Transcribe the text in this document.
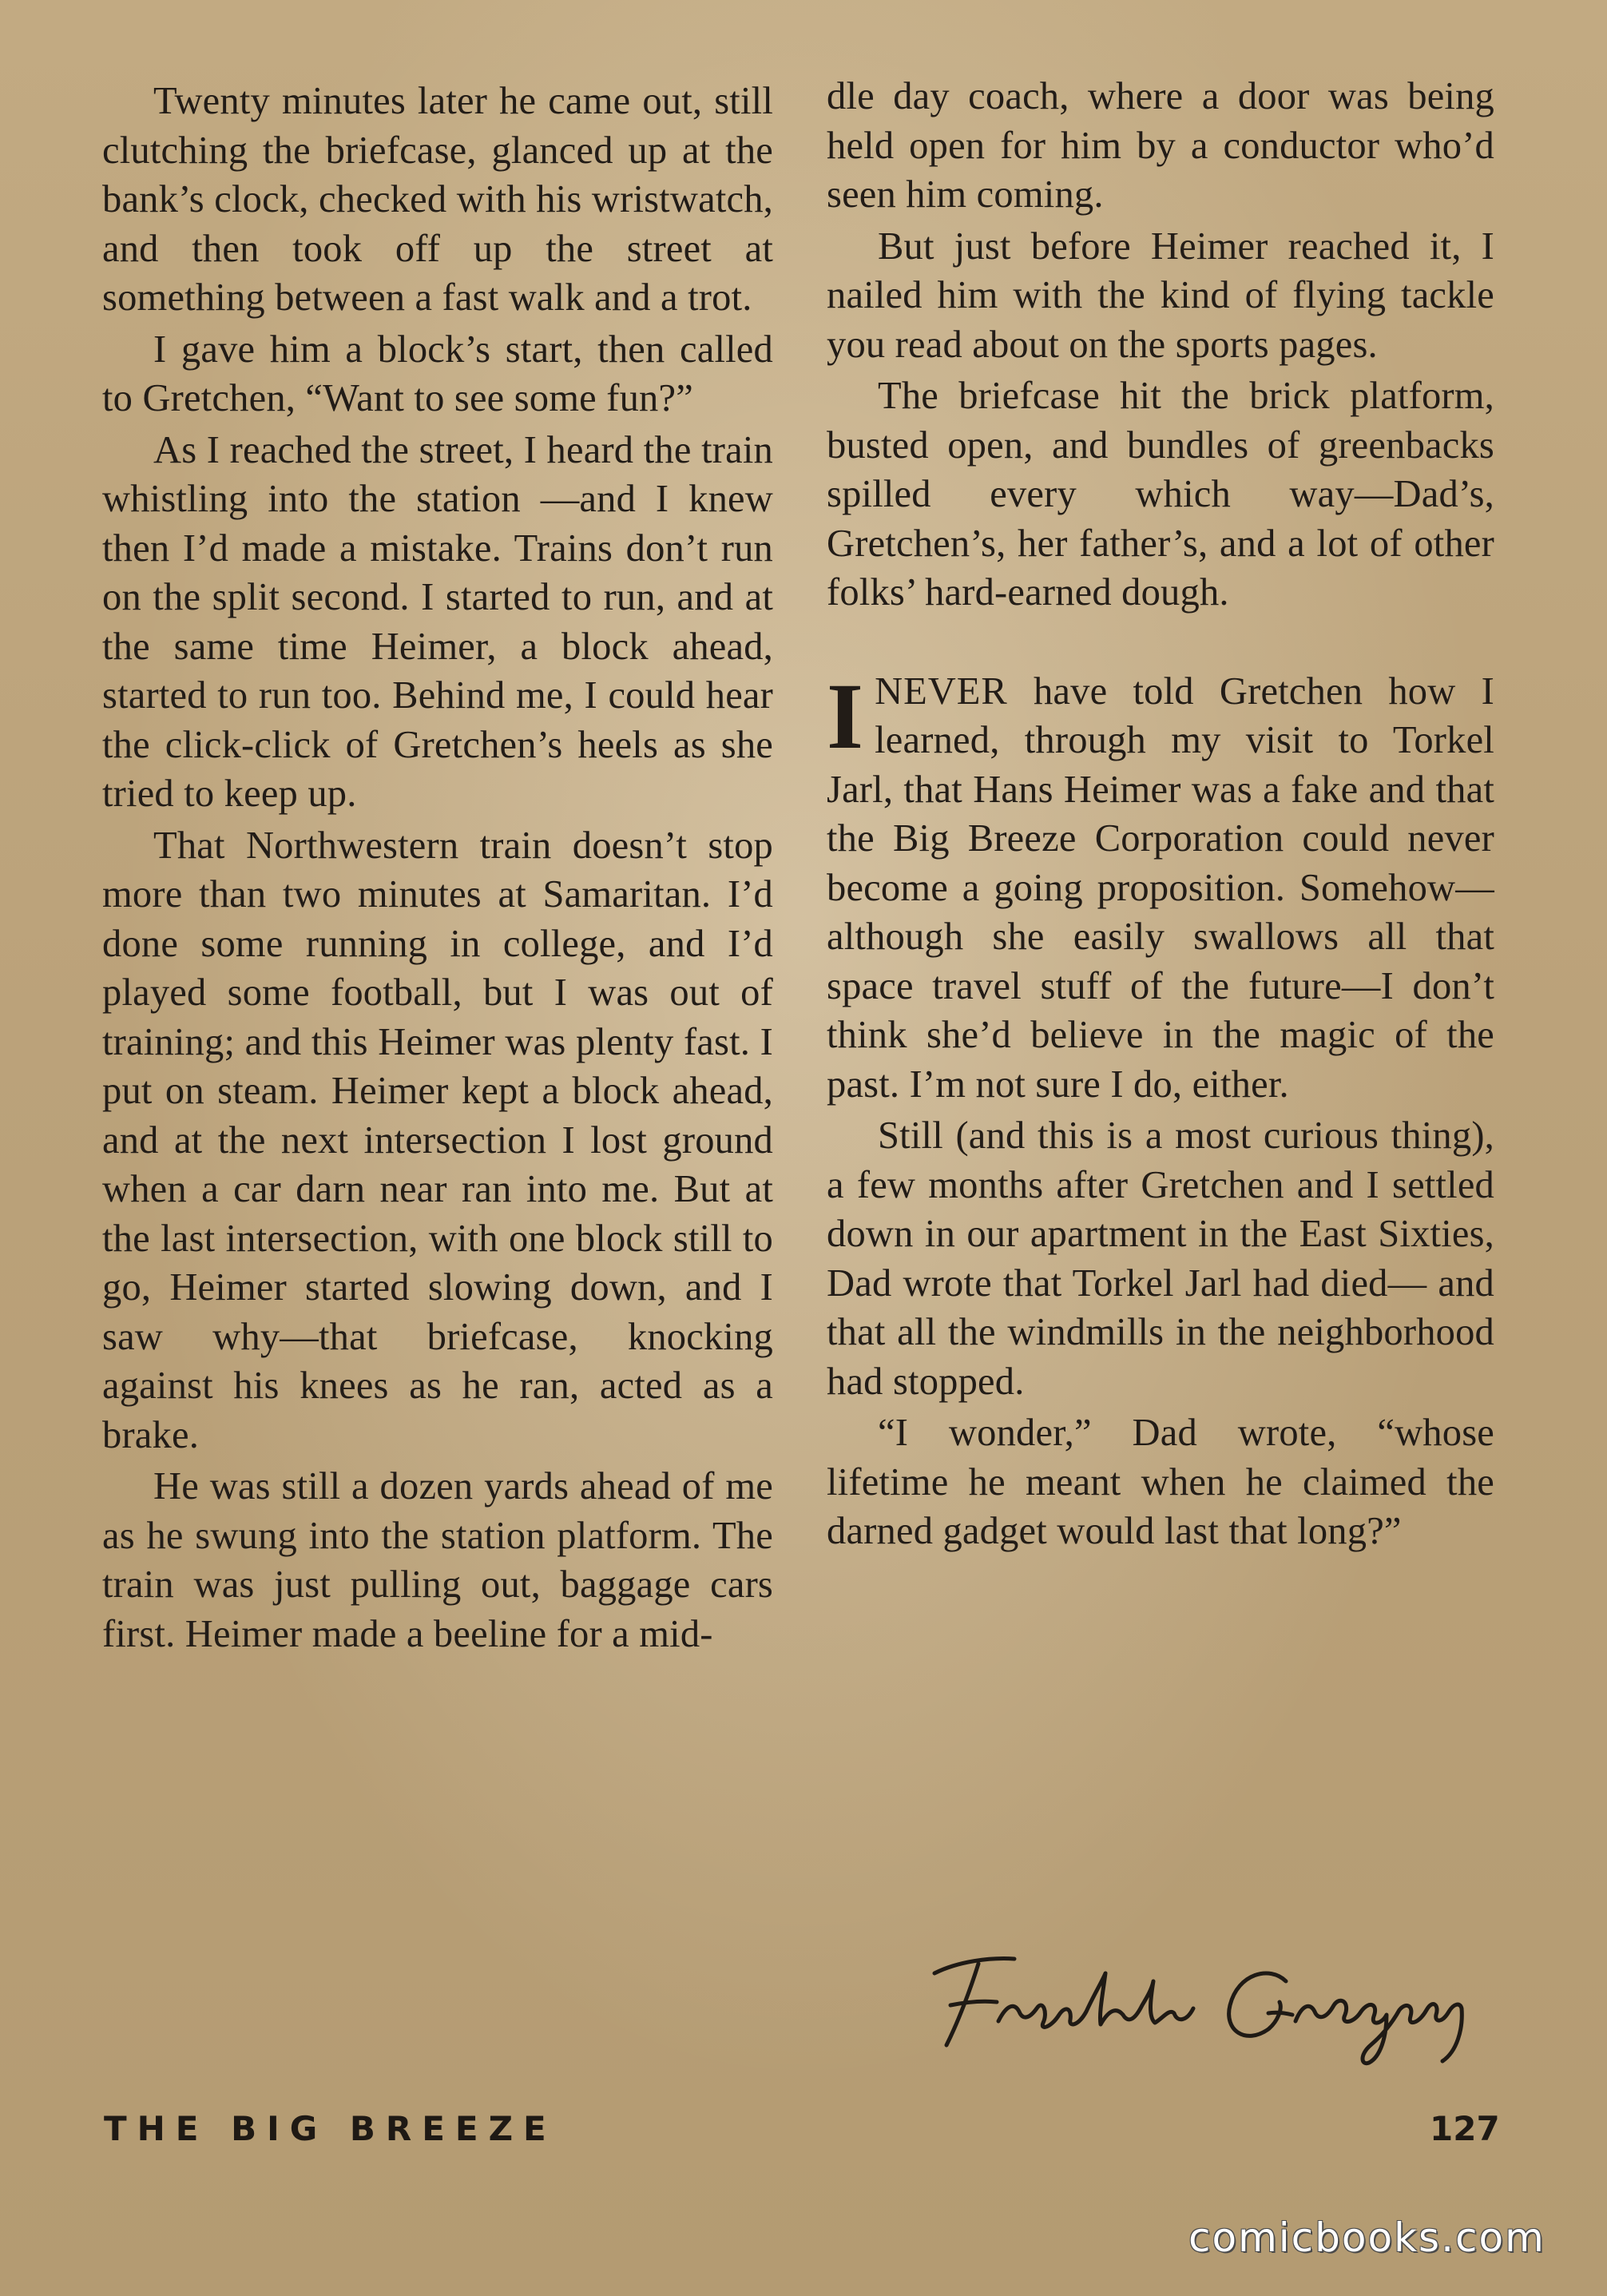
Twenty minutes later he came out, still clutching the briefcase, glanced up at the bank’s clock, checked with his wristwatch, and then took off up the street at something between a fast walk and a trot.

I gave him a block’s start, then called to Gretchen, “Want to see some fun?”

As I reached the street, I heard the train whistling into the station —and I knew then I’d made a mistake. Trains don’t run on the split second. I started to run, and at the same time Heimer, a block ahead, started to run too. Behind me, I could hear the click-click of Gretchen’s heels as she tried to keep up.

That Northwestern train doesn’t stop more than two minutes at Samaritan. I’d done some running in college, and I’d played some football, but I was out of training; and this Heimer was plenty fast. I put on steam. Heimer kept a block ahead, and at the next intersection I lost ground when a car darn near ran into me. But at the last intersection, with one block still to go, Heimer started slowing down, and I saw why—that briefcase, knocking against his knees as he ran, acted as a brake.

He was still a dozen yards ahead of me as he swung into the station platform. The train was just pulling out, baggage cars first. Heimer made a beeline for a mid-

dle day coach, where a door was being held open for him by a conductor who’d seen him coming.

But just before Heimer reached it, I nailed him with the kind of flying tackle you read about on the sports pages.

The briefcase hit the brick platform, busted open, and bundles of greenbacks spilled every which way—Dad’s, Gretchen’s, her father’s, and a lot of other folks’ hard-earned dough.

INEVER have told Gretchen how I learned, through my visit to Torkel Jarl, that Hans Heimer was a fake and that the Big Breeze Corporation could never become a going proposition. Somehow—although she easily swallows all that space travel stuff of the future—I don’t think she’d believe in the magic of the past. I’m not sure I do, either.

Still (and this is a most curious thing), a few months after Gretchen and I settled down in our apartment in the East Sixties, Dad wrote that Torkel Jarl had died— and that all the windmills in the neighborhood had stopped.

“I wonder,” Dad wrote, “whose lifetime he meant when he claimed the darned gadget would last that long?”

THE BIG BREEZE	127
comicbooks.com
